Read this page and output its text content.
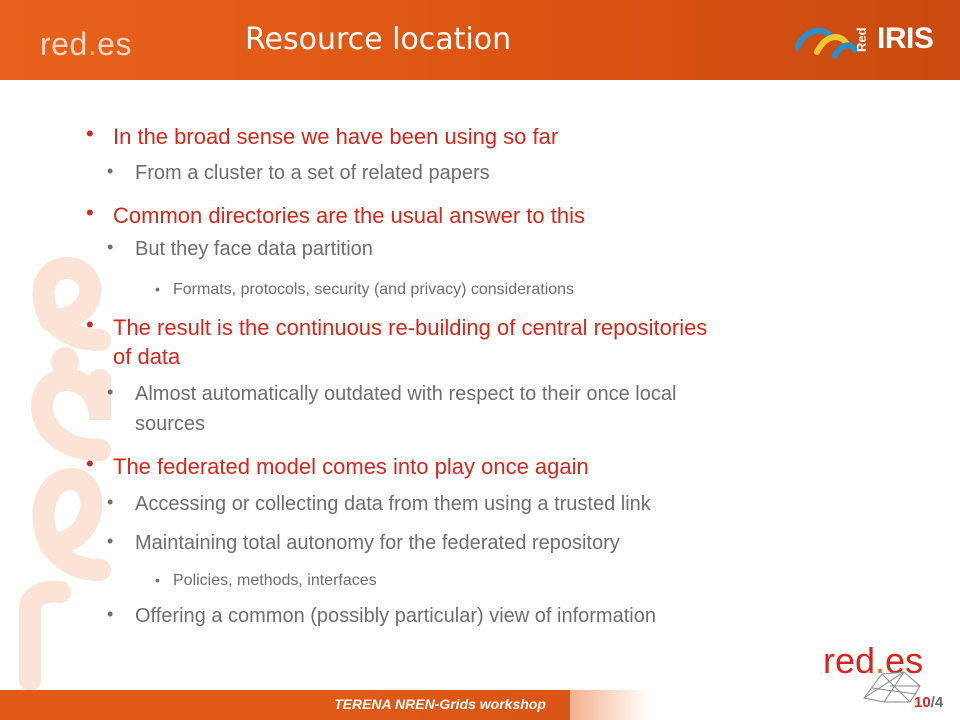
red.es	Resource location	Red IRIS
• In the broad sense we have been using so far
• From a cluster to a set of related papers
• Common directories are the usual answer to this
• But they face data partition
• Formats, protocols, security (and privacy) considerations
• The result is the continuous re-building of central repositories
of data
• Almost automatically outdated with respect to their once local
sources
• The federated model comes into play once again
• Accessing or collecting data from them using a trusted link
• Maintaining total autonomy for the federated repository
• Policies, methods, interfaces
• Offering a common (possibly particular) view of information
red.es
TERENA NREN-Grids workshop	10/4
